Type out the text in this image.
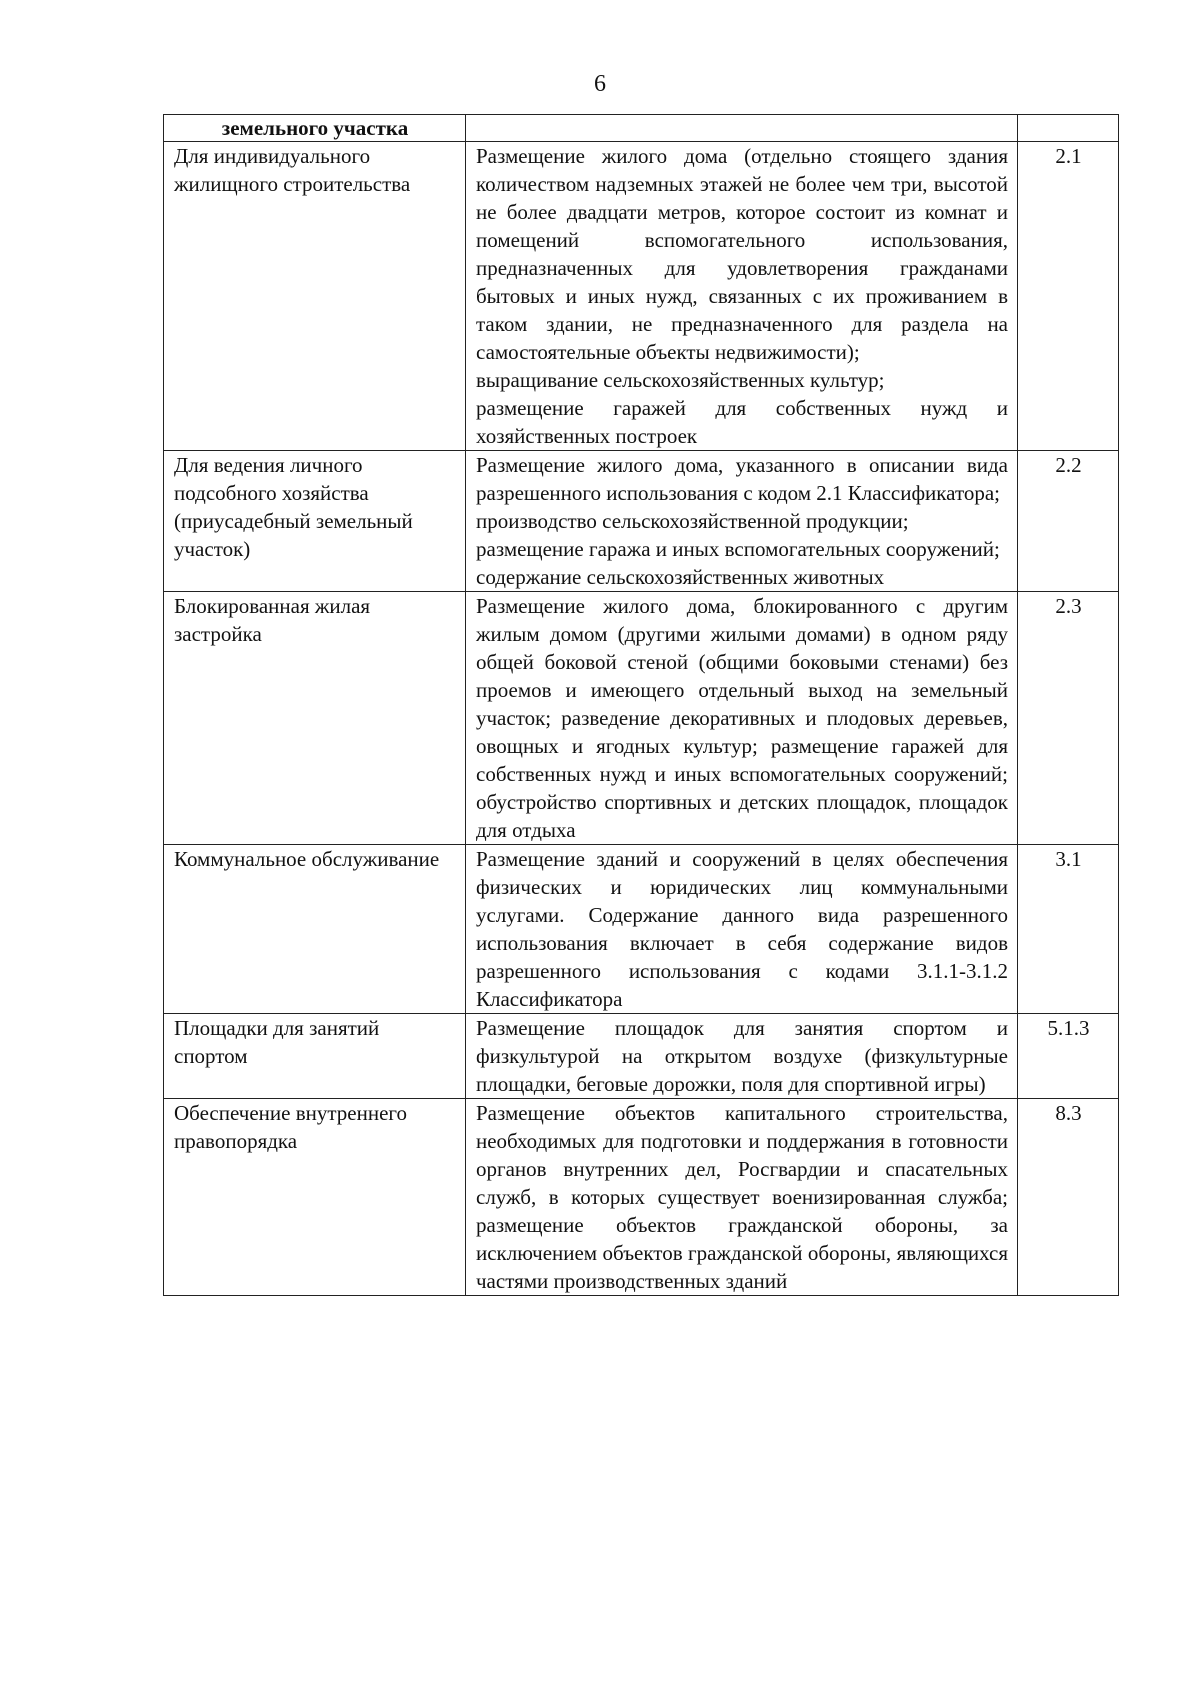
6
земельного участка		
Для индивидуального жилищного строительства	Размещение жилого дома (отдельно стоящего здания количеством надземных этажей не более чем три, высотой не более двадцати метров, которое состоит из комнат и помещений вспомогательного использования, предназначенных для удовлетворения гражданами бытовых и иных нужд, связанных с их проживанием в таком здании, не предназначенного для раздела на самостоятельные объекты недвижимости);
выращивание сельскохозяйственных культур;
размещение гаражей для собственных нужд и хозяйственных построек	2.1
Для ведения личного подсобного хозяйства (приусадебный земельный участок)	Размещение жилого дома, указанного в описании вида разрешенного использования с кодом 2.1 Классификатора;
производство сельскохозяйственной продукции;
размещение гаража и иных вспомогательных сооружений;
содержание сельскохозяйственных животных	2.2
Блокированная жилая застройка	Размещение жилого дома, блокированного с другим жилым домом (другими жилыми домами) в одном ряду общей боковой стеной (общими боковыми стенами) без проемов и имеющего отдельный выход на земельный участок; разведение декоративных и плодовых деревьев, овощных и ягодных культур; размещение гаражей для собственных нужд и иных вспомогательных сооружений; обустройство спортивных и детских площадок, площадок для отдыха	2.3
Коммунальное обслуживание	Размещение зданий и сооружений в целях обеспечения физических и юридических лиц коммунальными услугами. Содержание данного вида разрешенного использования включает в себя содержание видов разрешенного использования с кодами 3.1.1-3.1.2 Классификатора	3.1
Площадки для занятий спортом	Размещение площадок для занятия спортом и физкультурой на открытом воздухе (физкультурные площадки, беговые дорожки, поля для спортивной игры)	5.1.3
Обеспечение внутреннего правопорядка	Размещение объектов капитального строительства, необходимых для подготовки и поддержания в готовности органов внутренних дел, Росгвардии и спасательных служб, в которых существует военизированная служба; размещение объектов гражданской обороны, за исключением объектов гражданской обороны, являющихся частями производственных зданий	8.3
